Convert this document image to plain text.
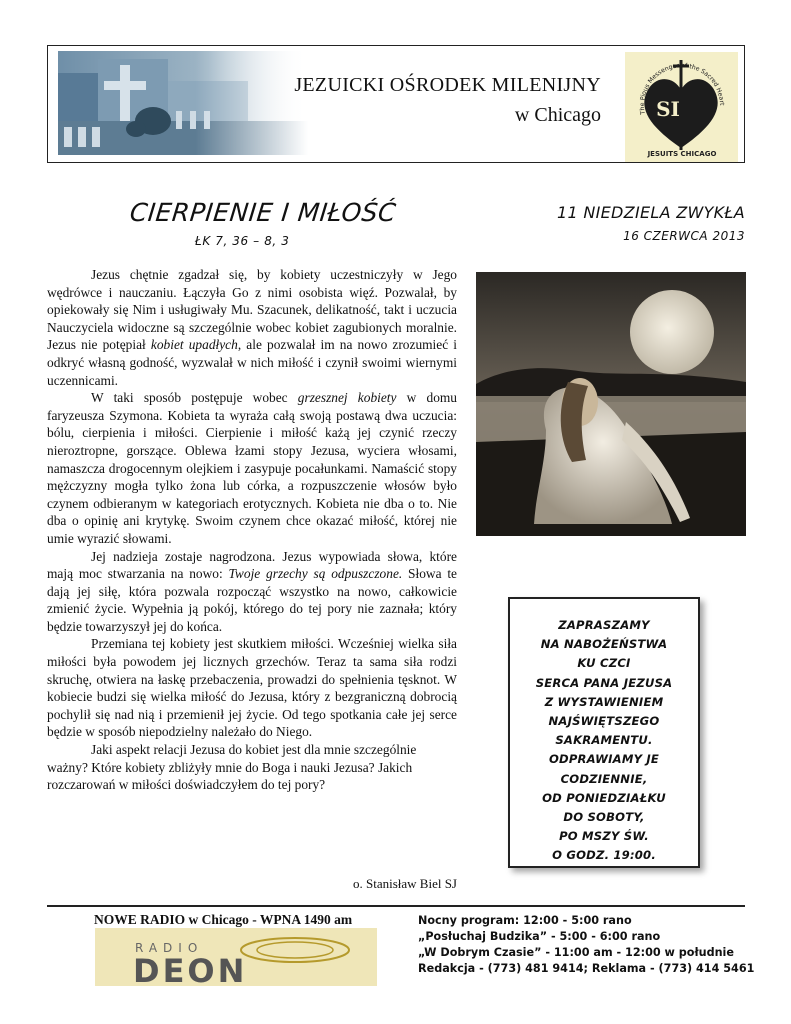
JEZUICKI OŚRODEK MILENIJNY
w Chicago	SI
The Pious Messenger of the Sacred Heart
JESUITS CHICAGO
CIERPIENIE I MIŁOŚĆ
ŁK 7, 36 – 8, 3
11 NIEDZIELA ZWYKŁA
16 CZERWCA 2013

Jezus chętnie zgadzał się, by kobiety uczestniczyły w Jego wędrówce i nauczaniu. Łączyła Go z nimi osobista więź. Pozwalał, by opiekowały się Nim i usługiwały Mu. Szacunek, delikatność, takt i uczucia Nauczyciela widoczne są szczególnie wobec kobiet zagubionych moralnie. Jezus nie potępiał kobiet upadłych, ale pozwalał im na nowo zrozumieć i odkryć własną godność, wyzwalał w nich miłość i czynił swoimi wiernymi uczennicami.

W taki sposób postępuje wobec grzesznej kobiety w domu faryzeusza Szymona. Kobieta ta wyraża całą swoją postawą dwa uczucia: bólu, cierpienia i miłości. Cierpienie i miłość każą jej czynić rzeczy nieroztropne, gorszące. Oblewa łzami stopy Jezusa, wyciera włosami, namaszcza drogocennym olejkiem i zasypuje pocałunkami. Namaścić stopy mężczyzny mogła tylko żona lub córka, a rozpuszczenie włosów było czynem odbieranym w kategoriach erotycznych. Kobieta nie dba o to. Nie dba o opinię ani krytykę. Swoim czynem chce okazać miłość, której nie umie wyrazić słowami.

Jej nadzieja zostaje nagrodzona. Jezus wypowiada słowa, które mają moc stwarzania na nowo: Twoje grzechy są odpuszczone. Słowa te dają jej siłę, która pozwala rozpocząć wszystko na nowo, całkowicie zmienić życie. Wypełnia ją pokój, którego do tej pory nie zaznała; który będzie towarzyszył jej do końca.

Przemiana tej kobiety jest skutkiem miłości. Wcześniej wielka siła miłości była powodem jej licznych grzechów. Teraz ta sama siła rodzi skruchę, otwiera na łaskę przebaczenia, prowadzi do spełnienia tęsknot. W kobiecie budzi się wielka miłość do Jezusa, który z bezgraniczną dobrocią pochylił się nad nią i przemienił jej życie. Od tego spotkania całe jej serce będzie w sposób niepodzielny należało do Niego.

Jaki aspekt relacji Jezusa do kobiet jest dla mnie szczególnie ważny? Które kobiety zbliżyły mnie do Boga i nauki Jezusa? Jakich rozczarowań w miłości doświadczyłem do tej pory?

o. Stanisław Biel SJ
ZAPRASZAMY
NA NABOŻEŃSTWA
KU CZCI
SERCA PANA JEZUSA
Z WYSTAWIENIEM
NAJŚWIĘTSZEGO
SAKRAMENTU.
ODPRAWIAMY JE
CODZIENNIE,
OD PONIEDZIAŁKU
DO SOBOTY,
PO MSZY ŚW.
O GODZ. 19:00.
NOWE RADIO w Chicago - WPNA 1490 am
RADIO
DEON
Nocny program: 12:00 - 5:00 rano
„Posłuchaj Budzika” - 5:00 - 6:00 rano
„W Dobrym Czasie” - 11:00 am - 12:00 w południe
Redakcja - (773) 481 9414; Reklama - (773) 414 5461
